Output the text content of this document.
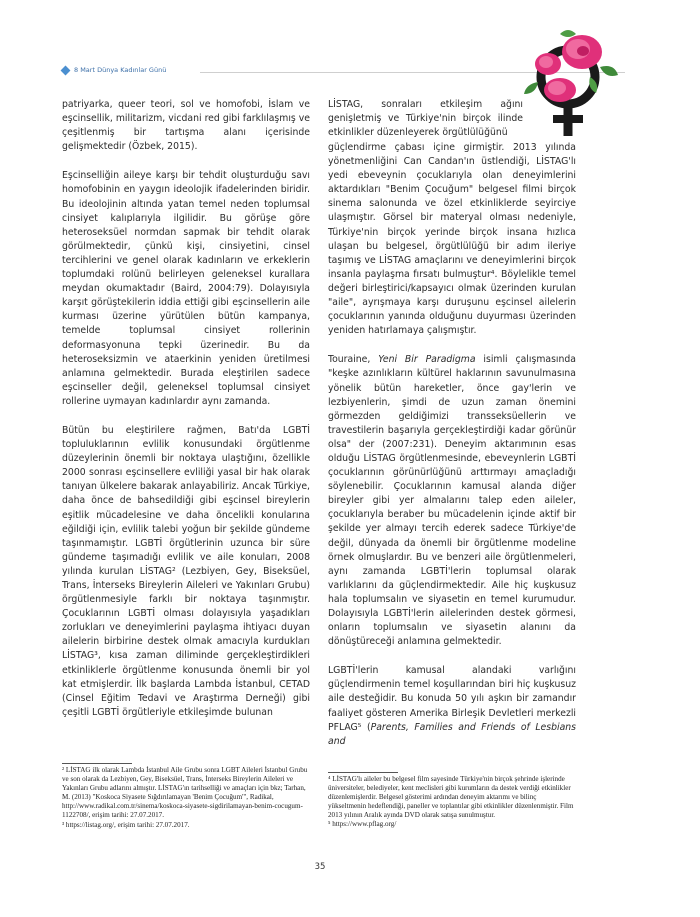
8 Mart Dünya Kadınlar Günü

patriyarka, queer teori, sol ve homofobi, İslam ve eşcinsellik, militarizm, vicdani red gibi farklılaşmış ve çeşitlenmiş bir tartışma alanı içerisinde gelişmektedir (Özbek, 2015).

Eşcinselliğin aileye karşı bir tehdit oluşturduğu savı homofobinin en yaygın ideolojik ifadelerinden biridir. Bu ideolojinin altında yatan temel neden toplumsal cinsiyet kalıplarıyla ilgilidir. Bu görüşe göre heteroseksüel normdan sapmak bir tehdit olarak görülmektedir, çünkü kişi, cinsiyetini, cinsel tercihlerini ve genel olarak kadınların ve erkeklerin toplumdaki rolünü belirleyen geleneksel kurallara meydan okumaktadır (Baird, 2004:79). Dolayısıyla karşıt görüştekilerin iddia ettiği gibi eşcinsellerin aile kurması üzerine yürütülen bütün kampanya, temelde toplumsal cinsiyet rollerinin deformasyonuna tepki üzerinedir. Bu da heteroseksizmin ve ataerkinin yeniden üretilmesi anlamına gelmektedir. Burada eleştirilen sadece eşcinseller değil, geleneksel toplumsal cinsiyet rollerine uymayan kadınlardır aynı zamanda.

Bütün bu eleştirilere rağmen, Batı'da LGBTİ topluluklarının evlilik konusundaki örgütlenme düzeylerinin önemli bir noktaya ulaştığını, özellikle 2000 sonrası eşcinsellere evliliği yasal bir hak olarak tanıyan ülkelere bakarak anlayabiliriz. Ancak Türkiye, daha önce de bahsedildiği gibi eşcinsel bireylerin eşitlik mücadelesine ve daha öncelikli konularına eğildiği için, evlilik talebi yoğun bir şekilde gündeme taşınmamıştır. LGBTİ örgütlerinin uzunca bir süre gündeme taşımadığı evlilik ve aile konuları, 2008 yılında kurulan LİSTAG² (Lezbiyen, Gey, Biseksüel, Trans, İnterseks Bireylerin Aileleri ve Yakınları Grubu) örgütlenmesiyle farklı bir noktaya taşınmıştır. Çocuklarının LGBTİ olması dolayısıyla yaşadıkları zorlukları ve deneyimlerini paylaşma ihtiyacı duyan ailelerin birbirine destek olmak amacıyla kurdukları LİSTAG³, kısa zaman diliminde gerçekleştirdikleri etkinliklerle örgütlenme konusunda önemli bir yol kat etmişlerdir. İlk başlarda Lambda İstanbul, CETAD (Cinsel Eğitim Tedavi ve Araştırma Derneği) gibi çeşitli LGBTİ örgütleriyle etkileşimde bulunan

LİSTAG, sonraları etkileşim ağını genişletmiş ve Türkiye'nin birçok ilinde etkinlikler düzenleyerek örgütlülüğünü

güçlendirme çabası içine girmiştir. 2013 yılında yönetmenliğini Can Candan'ın üstlendiği, LİSTAG'lı yedi ebeveynin çocuklarıyla olan deneyimlerini aktardıkları "Benim Çocuğum" belgesel filmi birçok sinema salonunda ve özel etkinliklerde seyirciye ulaşmıştır. Görsel bir materyal olması nedeniyle, Türkiye'nin birçok yerinde birçok insana hızlıca ulaşan bu belgesel, örgütlülüğü bir adım ileriye taşımış ve LİSTAG amaçlarını ve deneyimlerini birçok insanla paylaşma fırsatı bulmuştur⁴. Böylelikle temel değeri birleştirici/kapsayıcı olmak üzerinden kurulan "aile", ayrışmaya karşı duruşunu eşcinsel ailelerin çocuklarının yanında olduğunu duyurması üzerinden yeniden hatırlamaya çalışmıştır.

Touraine, Yeni Bir Paradigma isimli çalışmasında "keşke azınlıkların kültürel haklarının savunulmasına yönelik bütün hareketler, önce gay'lerin ve lezbiyenlerin, şimdi de uzun zaman önemini görmezden geldiğimizi transseksüellerin ve travestilerin başarıyla gerçekleştirdiği kadar görünür olsa" der (2007:231). Deneyim aktarımının esas olduğu LİSTAG örgütlenmesinde, ebeveynlerin LGBTİ çocuklarının görünürlüğünü arttırmayı amaçladığı söylenebilir. Çocuklarının kamusal alanda diğer bireyler gibi yer almalarını talep eden aileler, çocuklarıyla beraber bu mücadelenin içinde aktif bir şekilde yer almayı tercih ederek sadece Türkiye'de değil, dünyada da önemli bir örgütlenme modeline örnek olmuşlardır. Bu ve benzeri aile örgütlenmeleri, aynı zamanda LGBTİ'lerin toplumsal olarak varlıklarını da güçlendirmektedir. Aile hiç kuşkusuz hala toplumsalın ve siyasetin en temel kurumudur. Dolayısıyla LGBTİ'lerin ailelerinden destek görmesi, onların toplumsalın ve siyasetin alanını da dönüştüreceği anlamına gelmektedir.

LGBTİ'lerin kamusal alandaki varlığını güçlendirmenin temel koşullarından biri hiç kuşkusuz aile desteğidir. Bu konuda 50 yılı aşkın bir zamandır faaliyet gösteren Amerika Birleşik Devletleri merkezli PFLAG⁵ (Parents, Families and Friends of Lesbians and

² LİSTAG ilk olarak Lambda İstanbul Aile Grubu sonra LGBT Aileleri İstanbul Grubu ve son olarak da Lezbiyen, Gey, Biseksüel, Trans, İnterseks Bireylerin Aileleri ve Yakınları Grubu adlarını almıştır. LİSTAG'ın tarihselliği ve amaçları için bkz; Tarhan, M. (2013) "Koskoca Siyasete Sığdırılamayan 'Benim Çocuğum'", Radikal, http://www.radikal.com.tr/sinema/koskoca-siyasete-sigdirilamayan-benim-cocugum-1122708/, erişim tarihi: 27.07.2017.

³ https://listag.org/, erişim tarihi: 27.07.2017.

⁴ LİSTAG'lı aileler bu belgesel film sayesinde Türkiye'nin birçok şehrinde işlerinde üniversiteler, belediyeler, kent meclisleri gibi kurumların da destek verdiği etkinlikler düzenlemişlerdir. Belgesel gösterimi ardından deneyim aktarımı ve bilinç yükseltmenin hedeflendiği, paneller ve toplantılar gibi etkinlikler düzenlenmiştir. Film 2013 yılının Aralık ayında DVD olarak satışa sunulmuştur.

⁵ https://www.pflag.org/

35
